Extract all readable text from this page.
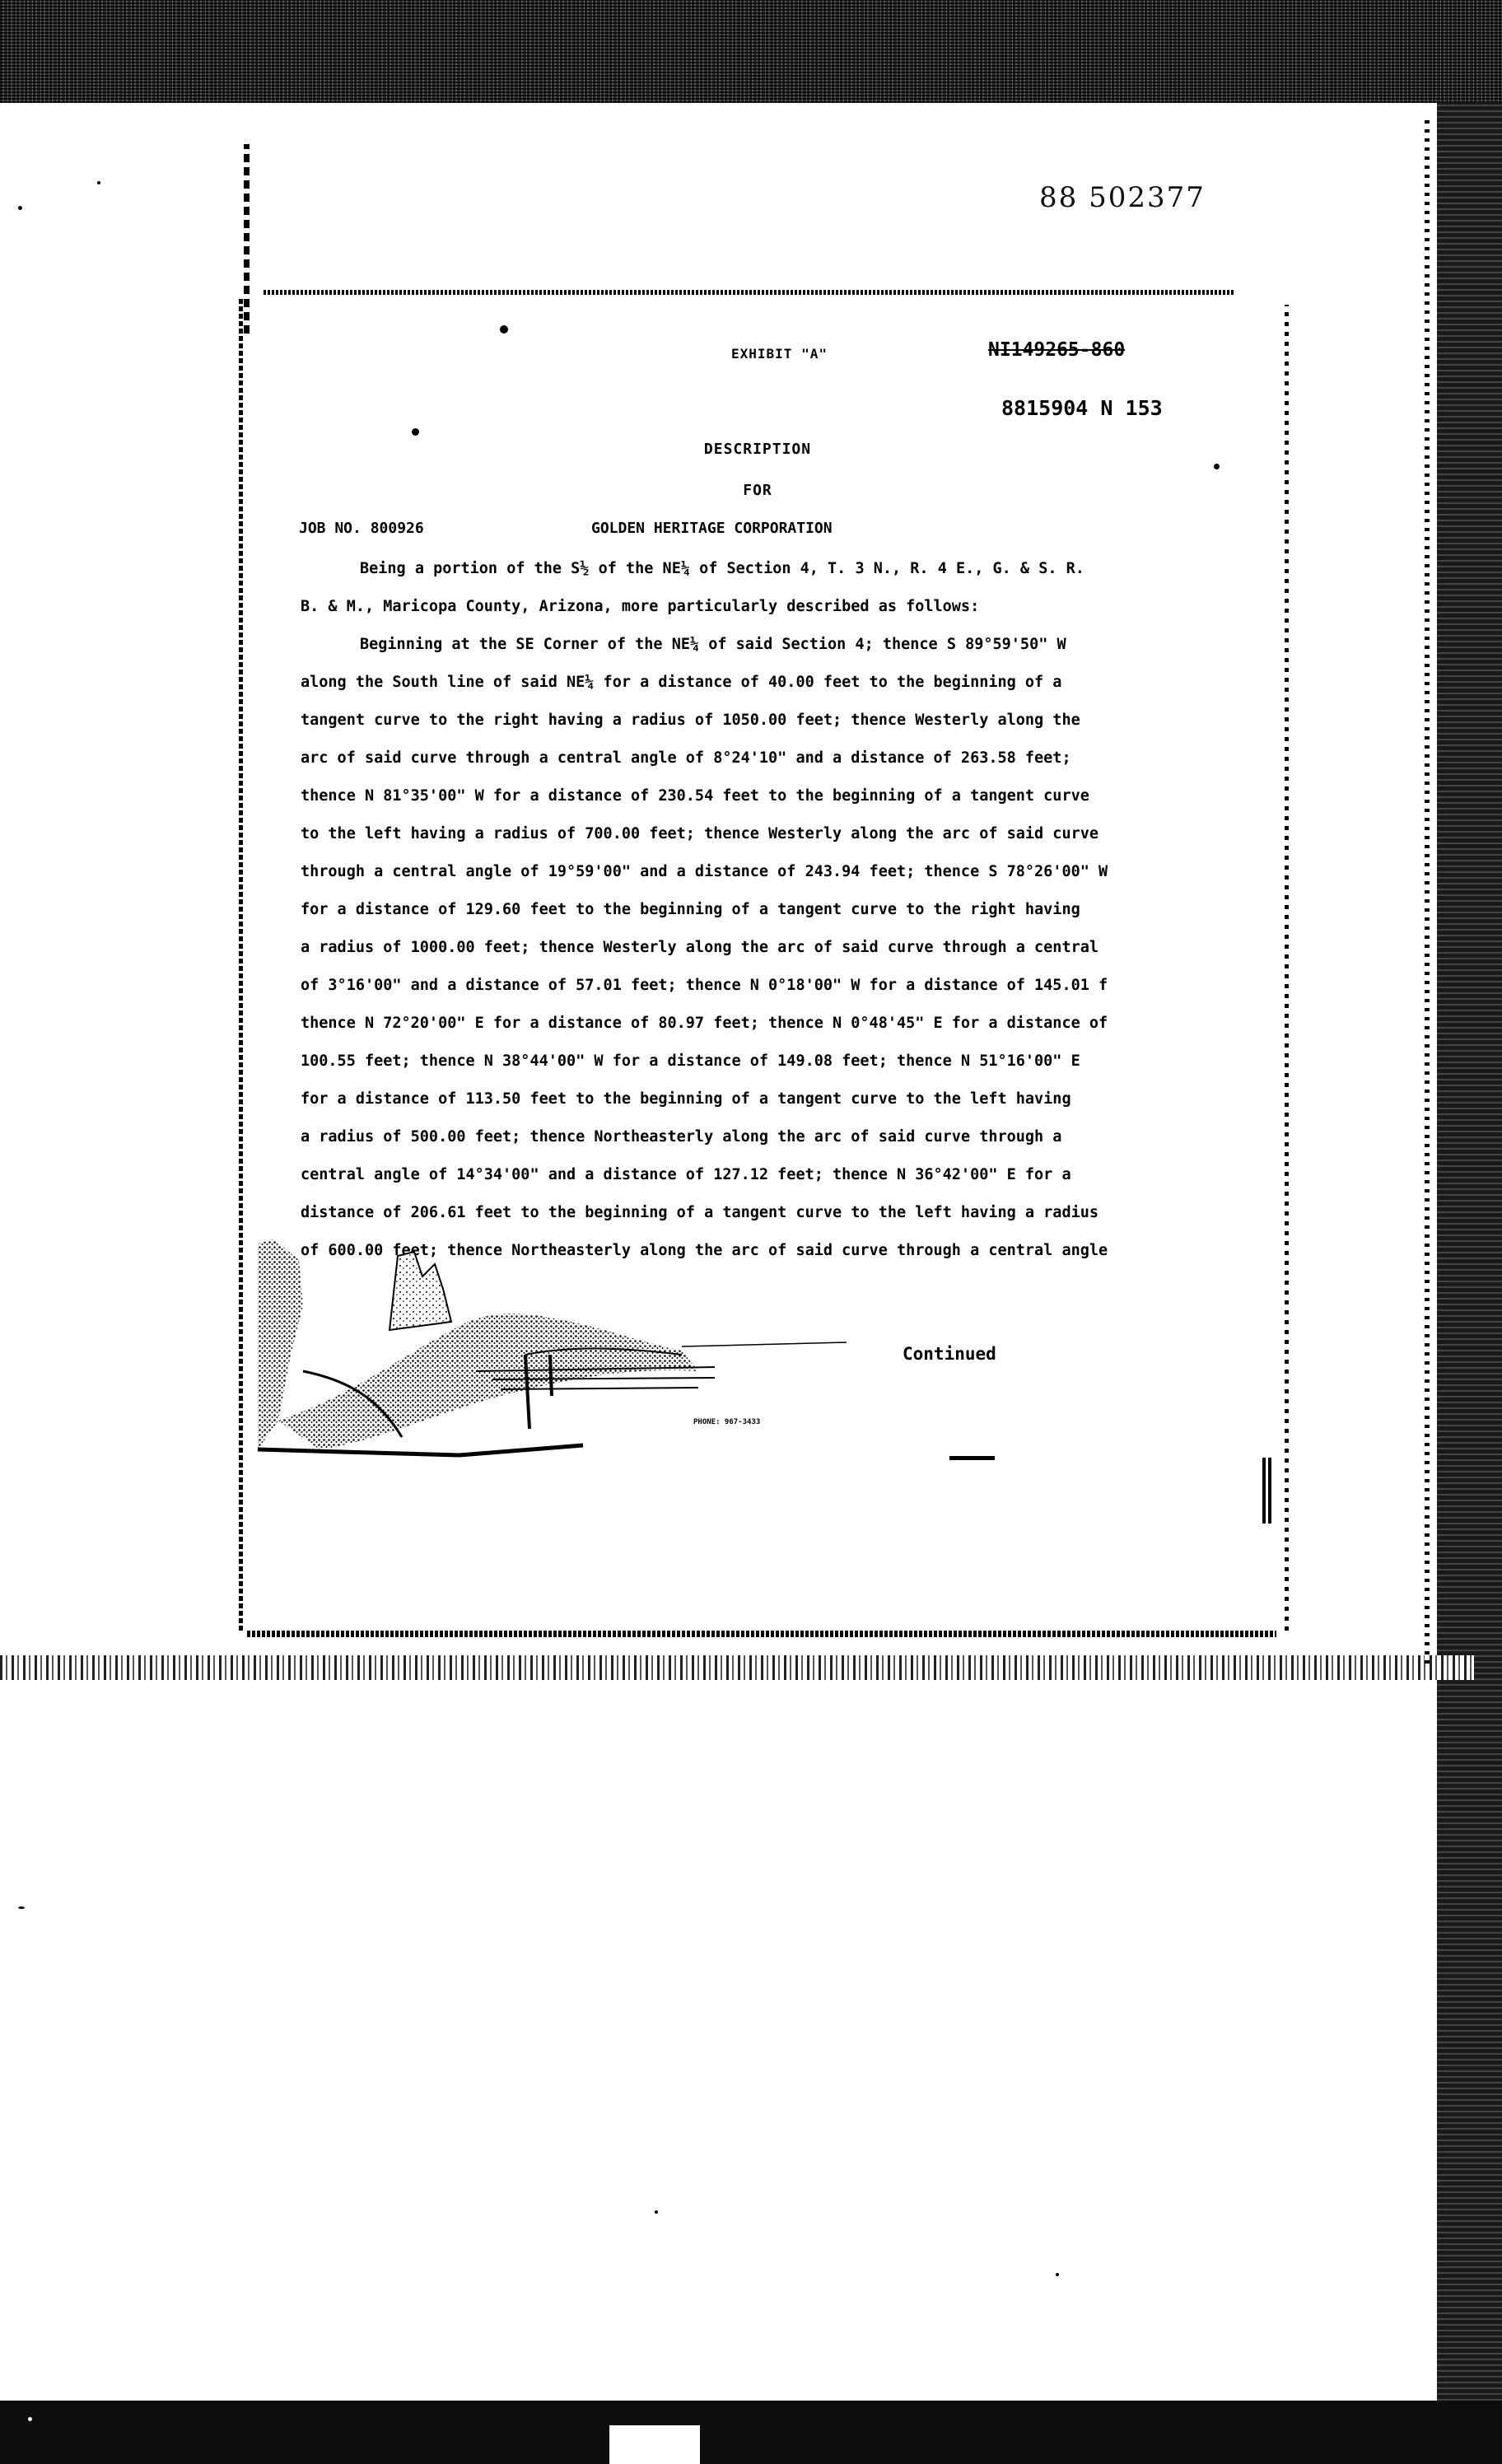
88 502377
EXHIBIT "A"	NI149265-860
8815904 N 153
DESCRIPTION
FOR
JOB NO. 800926	GOLDEN HERITAGE CORPORATION
Being a portion of the S½ of the NE¼ of Section 4, T. 3 N., R. 4 E., G. & S. R.
B. & M., Maricopa County, Arizona, more particularly described as follows:
Beginning at the SE Corner of the NE¼ of said Section 4; thence S 89°59'50" W
along the South line of said NE¼ for a distance of 40.00 feet to the beginning of a
tangent curve to the right having a radius of 1050.00 feet; thence Westerly along the
arc of said curve through a central angle of 8°24'10" and a distance of 263.58 feet;
thence N 81°35'00" W for a distance of 230.54 feet to the beginning of a tangent curve
to the left having a radius of 700.00 feet; thence Westerly along the arc of said curve
through a central angle of 19°59'00" and a distance of 243.94 feet; thence S 78°26'00" W
for a distance of 129.60 feet to the beginning of a tangent curve to the right having
a radius of 1000.00 feet; thence Westerly along the arc of said curve through a central
of 3°16'00" and a distance of 57.01 feet; thence N 0°18'00" W for a distance of 145.01 f
thence N 72°20'00" E for a distance of 80.97 feet; thence N 0°48'45" E for a distance of
100.55 feet; thence N 38°44'00" W for a distance of 149.08 feet; thence N 51°16'00" E
for a distance of 113.50 feet to the beginning of a tangent curve to the left having
a radius of 500.00 feet; thence Northeasterly along the arc of said curve through a
central angle of 14°34'00" and a distance of 127.12 feet; thence N 36°42'00" E for a
distance of 206.61 feet to the beginning of a tangent curve to the left having a radius
of 600.00 feet; thence Northeasterly along the arc of said curve through a central angle
Continued
PHONE: 967-3433
